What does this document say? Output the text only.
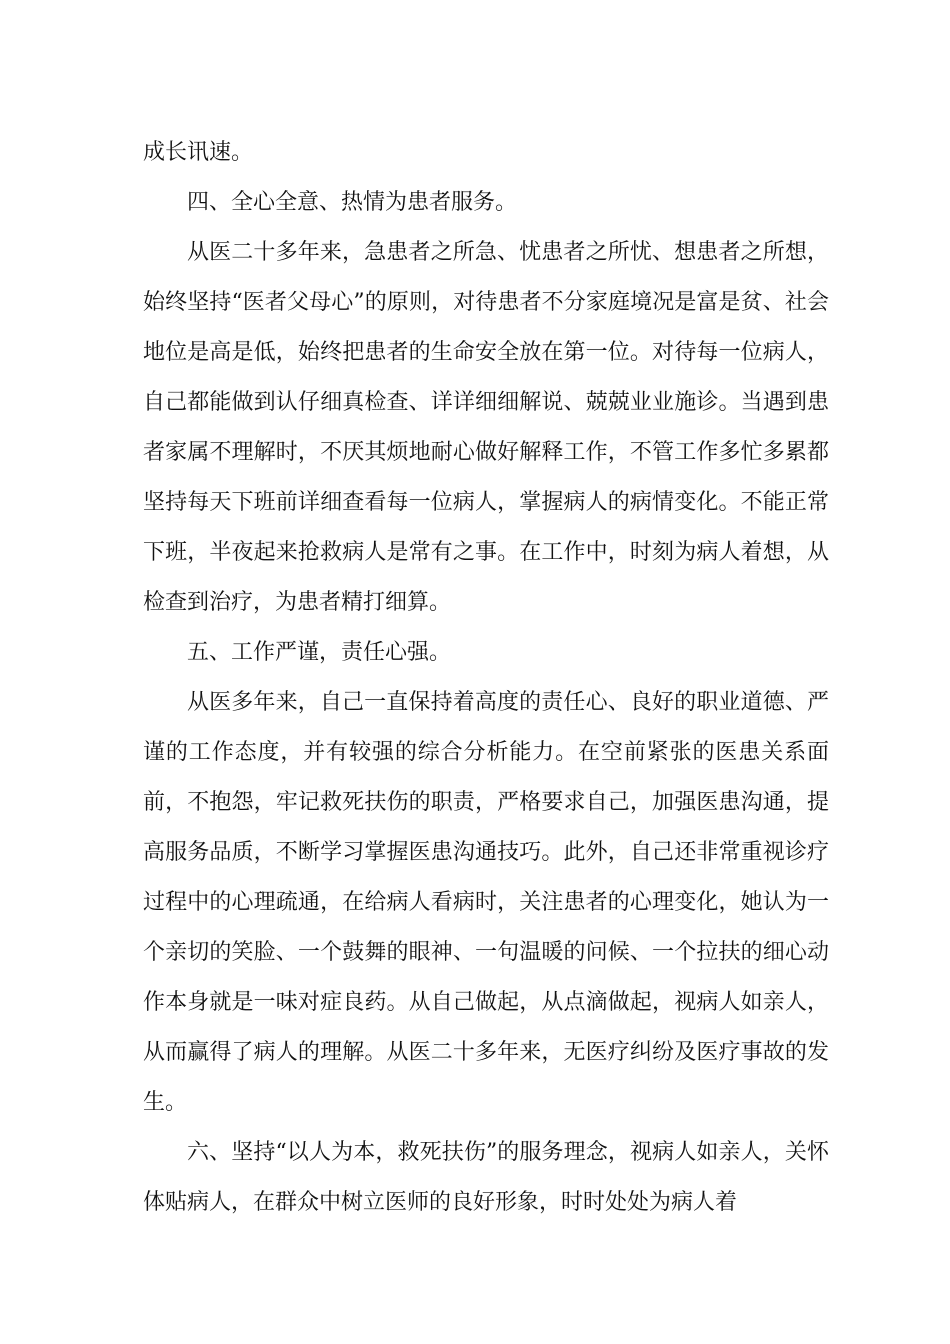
成长讯速。

四、全心全意、热情为患者服务。

从医二十多年来，急患者之所急、忧患者之所忧、想患者之所想，始终坚持“医者父母心”的原则，对待患者不分家庭境况是富是贫、社会地位是高是低，始终把患者的生命安全放在第一位。对待每一位病人，自己都能做到认仔细真检查、详详细细解说、兢兢业业施诊。当遇到患者家属不理解时，不厌其烦地耐心做好解释工作，不管工作多忙多累都坚持每天下班前详细查看每一位病人，掌握病人的病情变化。不能正常下班，半夜起来抢救病人是常有之事。在工作中，时刻为病人着想，从检查到治疗，为患者精打细算。

五、工作严谨，责任心强。

从医多年来，自己一直保持着高度的责任心、良好的职业道德、严谨的工作态度，并有较强的综合分析能力。在空前紧张的医患关系面前，不抱怨，牢记救死扶伤的职责，严格要求自己，加强医患沟通，提高服务品质，不断学习掌握医患沟通技巧。此外，自己还非常重视诊疗过程中的心理疏通，在给病人看病时，关注患者的心理变化，她认为一个亲切的笑脸、一个鼓舞的眼神、一句温暖的问候、一个拉扶的细心动作本身就是一味对症良药。从自己做起，从点滴做起，视病人如亲人，从而赢得了病人的理解。从医二十多年来，无医疗纠纷及医疗事故的发生。

六、坚持“以人为本，救死扶伤”的服务理念，视病人如亲人，关怀体贴病人，在群众中树立医师的良好形象，时时处处为病人着
